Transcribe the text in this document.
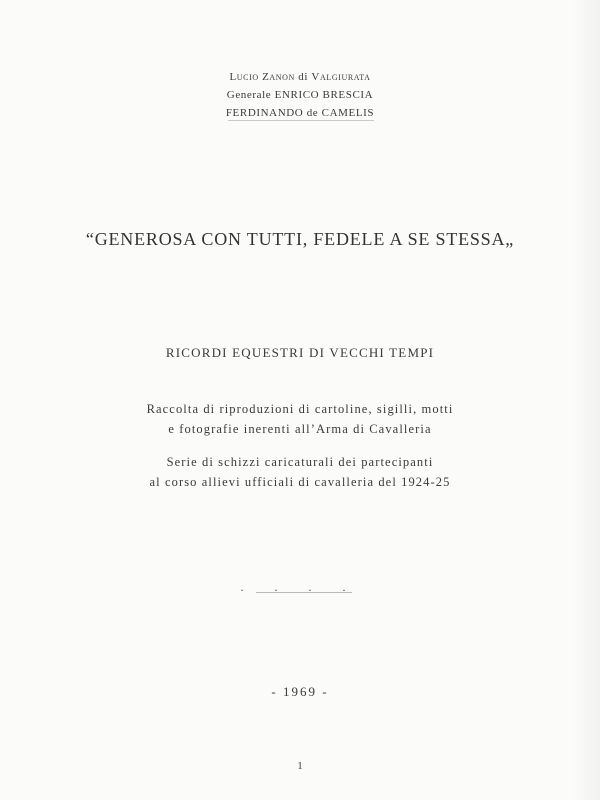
Lucio Zanon di Valgiurata
Generale ENRICO BRESCIA
FERDINANDO de CAMELIS
“GENEROSA CON TUTTI, FEDELE A SE STESSA„
RICORDI EQUESTRI DI VECCHI TEMPI
Raccolta di riproduzioni di cartoline, sigilli, motti
e fotografie inerenti all’Arma di Cavalleria
Serie di schizzi caricaturali dei partecipanti
al corso allievi ufficiali di cavalleria del 1924-25
. . . .
- 1969 -
1
